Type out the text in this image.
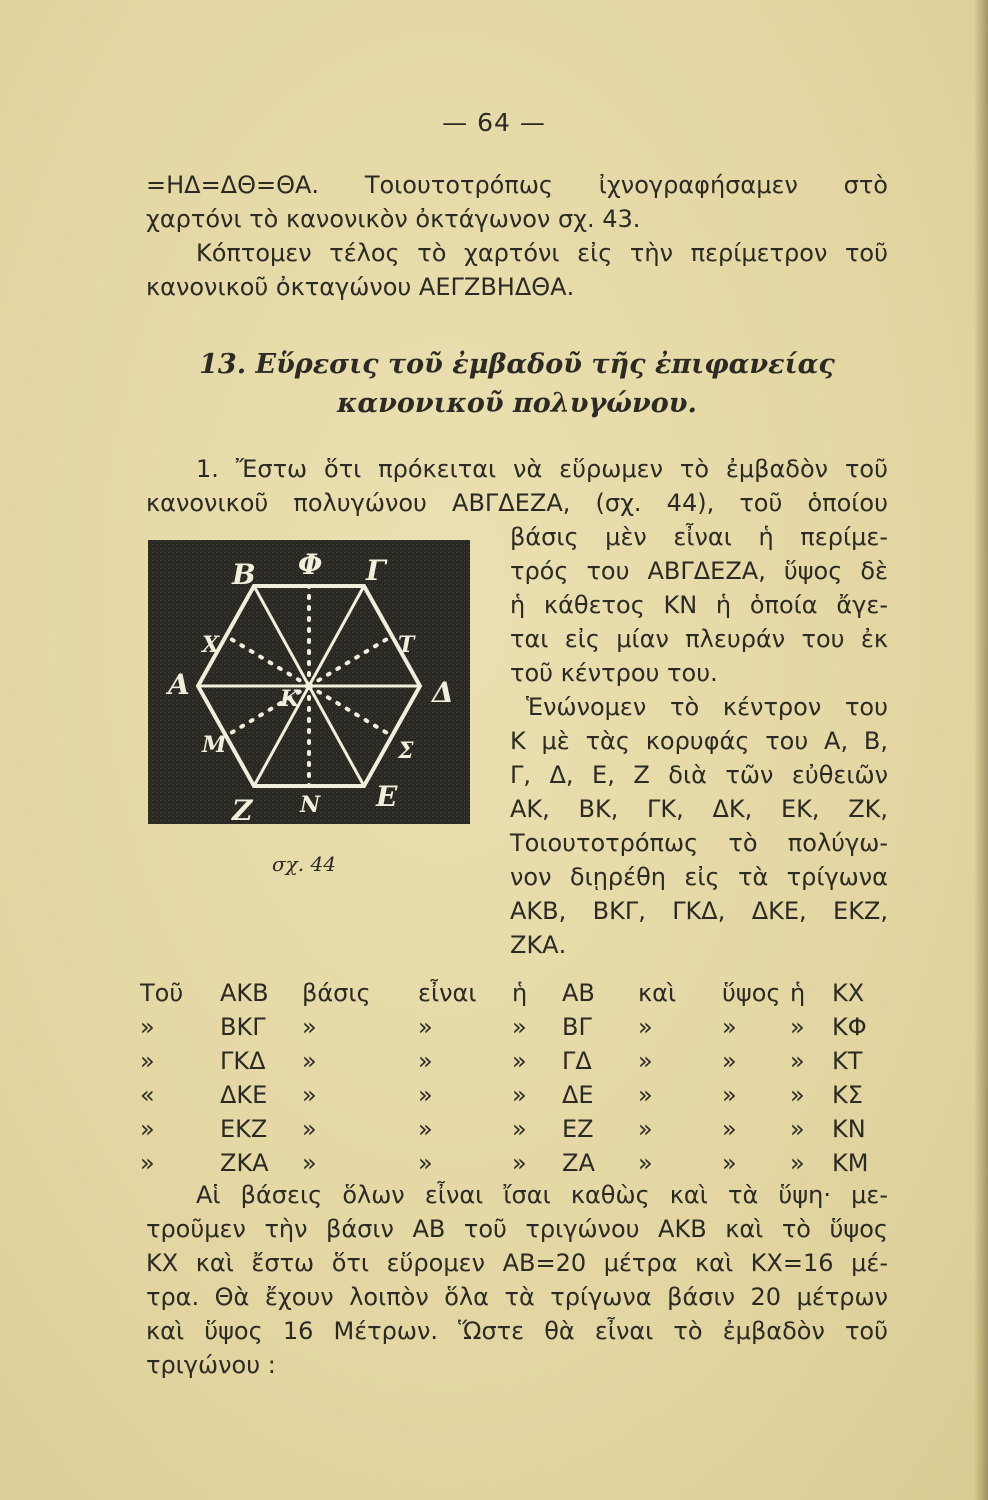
— 64 —
=ΗΔ=ΔΘ=ΘΑ. Τοιουτοτρόπως ἰχνογραφήσαμεν στὸ
χαρτόνι τὸ κανονικὸν ὀκτάγωνον σχ. 43.
Κόπτομεν τέλος τὸ χαρτόνι εἰς τὴν περίμετρον τοῦ
κανονικοῦ ὀκταγώνου ΑΕΓΖΒΗΔΘΑ.
13. Εὕρεσις τοῦ ἐμβαδοῦ τῆς ἐπιφανείας
κανονικοῦ πολυγώνου.
1. Ἔστω ὅτι πρόκειται νὰ εὕρωμεν τὸ ἐμβαδὸν τοῦ
κανονικοῦ πολυγώνου ΑΒΓΔΕΖΑ, (σχ. 44), τοῦ ὁποίου
βάσις μὲν εἶναι ἡ περίμε-
τρός του ΑΒΓΔΕΖΑ, ὕψος δὲ
ἡ κάθετος ΚΝ ἡ ὁποία ἄγε-
ται εἰς μίαν πλευράν του ἐκ
τοῦ κέντρου του.
Ἑνώνομεν τὸ κέντρον του
Κ μὲ τὰς κορυφάς του Α, Β,
Γ, Δ, Ε, Ζ διὰ τῶν εὐθειῶν
ΑΚ, ΒΚ, ΓΚ, ΔΚ, ΕΚ, ΖΚ,
Τοιουτοτρόπως τὸ πολύγω-
νον διῃρέθη εἰς τὰ τρίγωνα
ΑΚΒ, ΒΚΓ, ΓΚΔ, ΔΚΕ, ΕΚΖ,
ΖΚΑ.
Β Φ Γ
Α	Δ
Κ
Χ	Τ
Μ	Σ
Ζ Ν Ε
σχ. 44
Τοῦ ΑΚΒ βάσις εἶναι ἡ ΑΒ καὶ ὕψος ἡ ΚΧ
»	ΒΚΓ »	»	» ΒΓ »	» » ΚΦ
»	ΓΚΔ »	»	» ΓΔ »	» » ΚΤ
«	ΔΚΕ »	»	» ΔΕ »	» » ΚΣ
»	ΕΚΖ »	»	» ΕΖ »	» » ΚΝ
»	ΖΚΑ »	»	» ΖΑ »	» » ΚΜ
Αἱ βάσεις ὅλων εἶναι ἴσαι καθὼς καὶ τὰ ὕψη· με-
τροῦμεν τὴν βάσιν ΑΒ τοῦ τριγώνου ΑΚΒ καὶ τὸ ὕψος
ΚΧ καὶ ἔστω ὅτι εὕρομεν ΑΒ=20 μέτρα καὶ ΚΧ=16 μέ-
τρα. Θὰ ἔχουν λοιπὸν ὅλα τὰ τρίγωνα βάσιν 20 μέτρων
καὶ ὕψος 16 Μέτρων. Ὥστε θὰ εἶναι τὸ ἐμβαδὸν τοῦ
τριγώνου :
